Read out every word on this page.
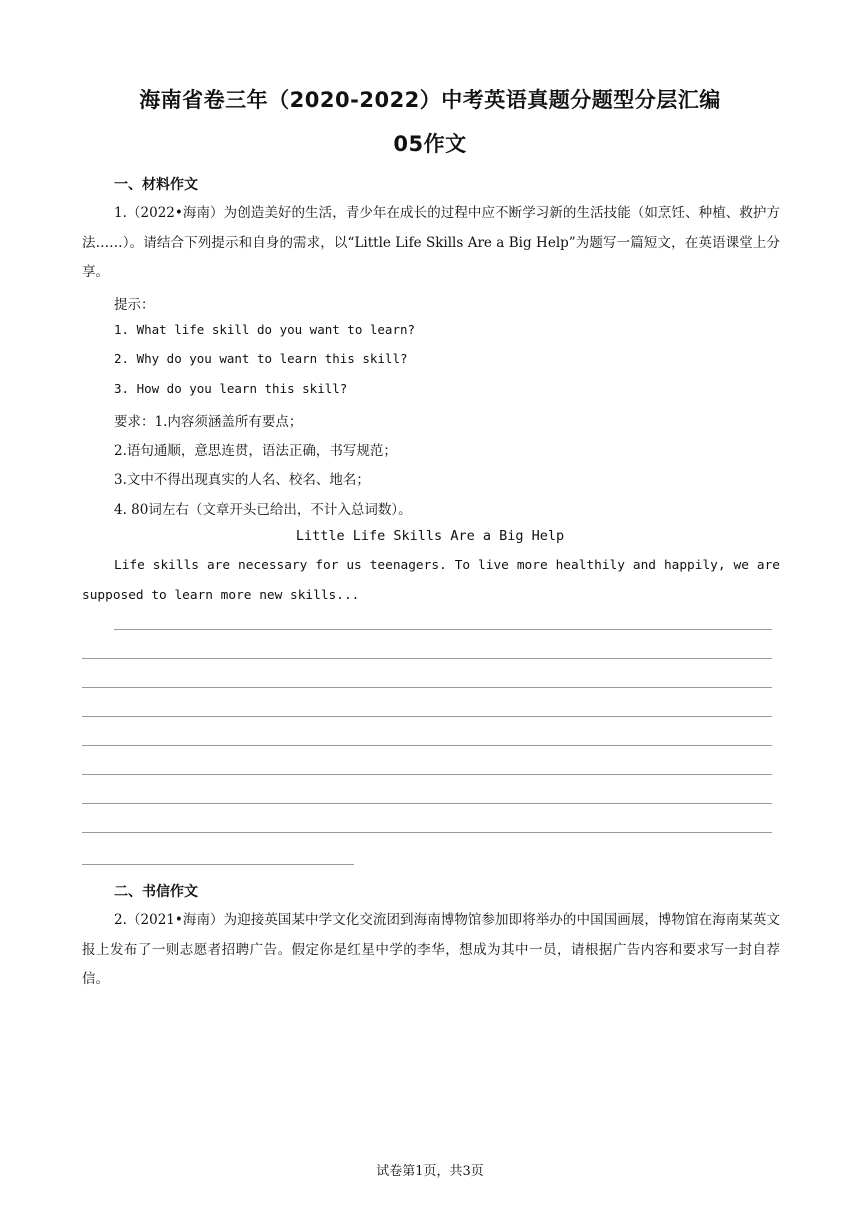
海南省卷三年（2020-2022）中考英语真题分题型分层汇编
05作文
一、材料作文
1.（2022•海南）为创造美好的生活，青少年在成长的过程中应不断学习新的生活技能（如烹饪、种植、救护方法……）。请结合下列提示和自身的需求，以“Little Life Skills Are a Big Help”为题写一篇短文，在英语课堂上分享。
提示：
1. What life skill do you want to learn?
2. Why do you want to learn this skill?
3. How do you learn this skill?
要求：1.内容须涵盖所有要点；
2.语句通顺，意思连贯，语法正确，书写规范；
3.文中不得出现真实的人名、校名、地名；
4. 80词左右（文章开头已给出，不计入总词数）。
Little Life Skills Are a Big Help
Life skills are necessary for us teenagers. To live more healthily and happily, we are supposed to learn more new skills...
二、书信作文
2.（2021•海南）为迎接英国某中学文化交流团到海南博物馆参加即将举办的中国国画展，博物馆在海南某英文报上发布了一则志愿者招聘广告。假定你是红星中学的李华，想成为其中一员，请根据广告内容和要求写一封自荐信。
试卷第1页，共3页
